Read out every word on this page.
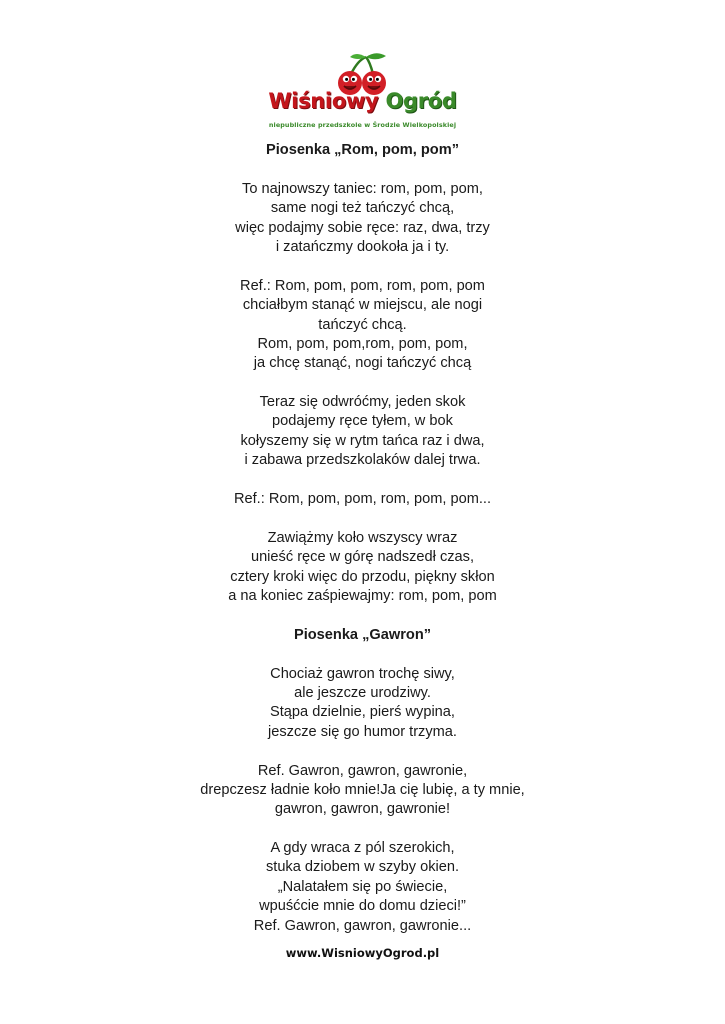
Wiśniowy Ogród
niepubliczne przedszkole w Środzie Wielkopolskiej
Piosenka „Rom, pom, pom”
To najnowszy taniec: rom, pom, pom,
same nogi też tańczyć chcą,
więc podajmy sobie ręce: raz, dwa, trzy
i zatańczmy dookoła ja i ty.
Ref.: Rom, pom, pom, rom, pom, pom
chciałbym stanąć w miejscu, ale nogi
tańczyć chcą.
Rom, pom, pom,rom, pom, pom,
ja chcę stanąć, nogi tańczyć chcą
Teraz się odwróćmy, jeden skok
podajemy ręce tyłem, w bok
kołyszemy się w rytm tańca raz i dwa,
i zabawa przedszkolaków dalej trwa.
Ref.: Rom, pom, pom, rom, pom, pom...
Zawiążmy koło wszyscy wraz
unieść ręce w górę nadszedł czas,
cztery kroki więc do przodu, piękny skłon
a na koniec zaśpiewajmy: rom, pom, pom
Piosenka „Gawron”
Chociaż gawron trochę siwy,
ale jeszcze urodziwy.
Stąpa dzielnie, pierś wypina,
jeszcze się go humor trzyma.
Ref. Gawron, gawron, gawronie,
drepczesz ładnie koło mnie!Ja cię lubię, a ty mnie,
gawron, gawron, gawronie!
A gdy wraca z pól szerokich,
stuka dziobem w szyby okien.
„Nalatałem się po świecie,
wpuśćcie mnie do domu dzieci!”
Ref. Gawron, gawron, gawronie...
www.WisniowyOgrod.pl
